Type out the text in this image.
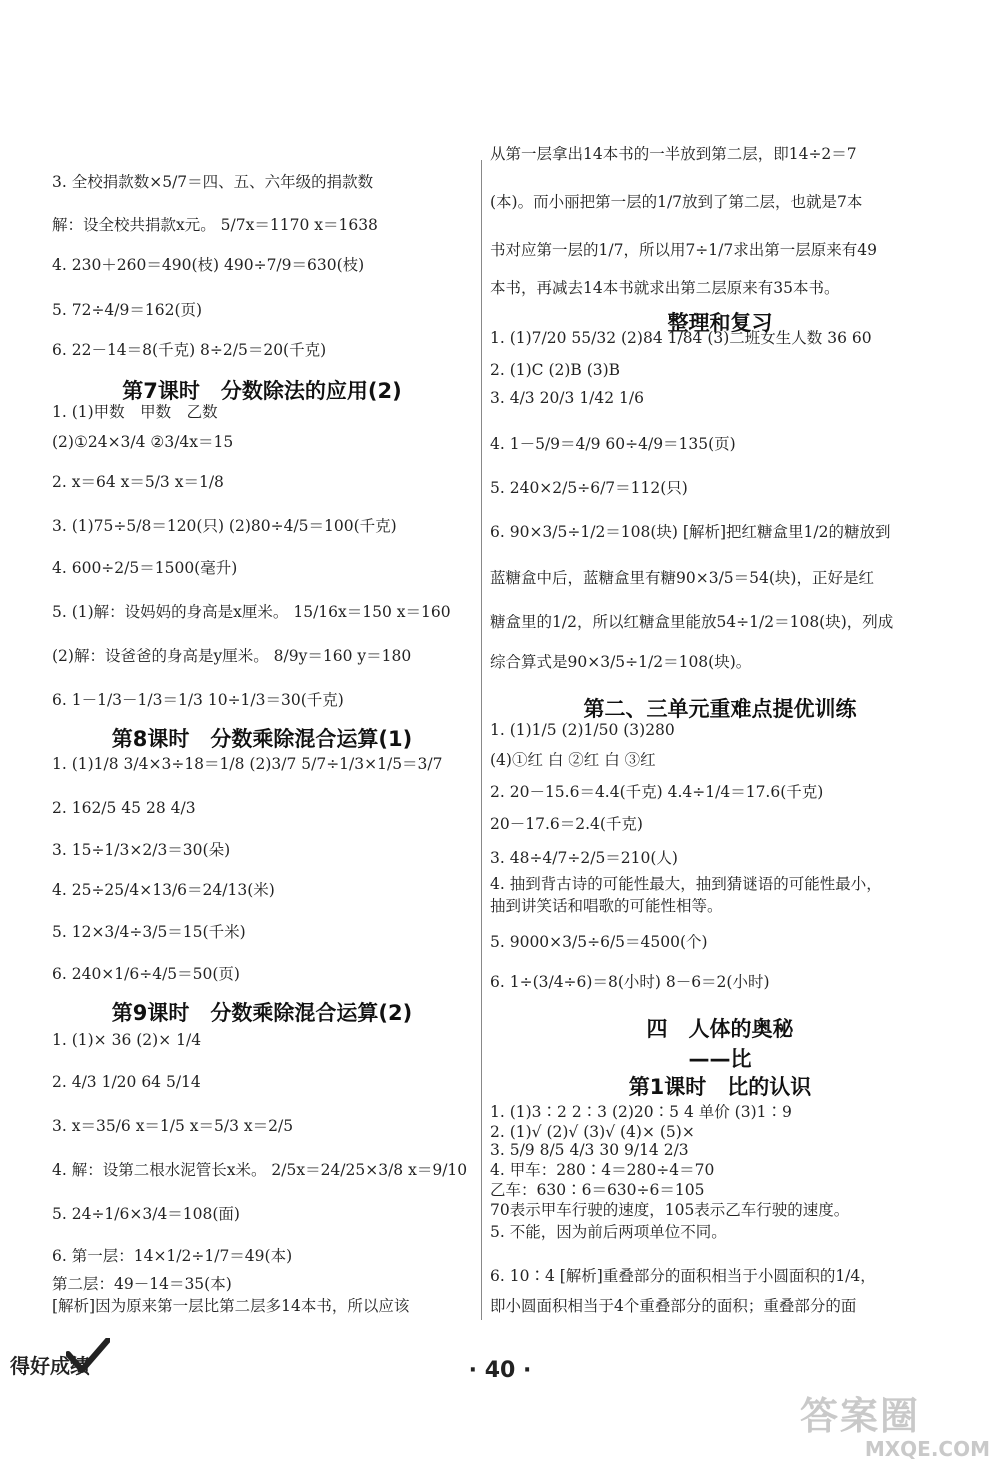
3. 全校捐款数×5/7＝四、五、六年级的捐款数
解：设全校共捐款x元。 5/7x＝1170 x＝1638
4. 230＋260＝490(枝) 490÷7/9＝630(枝)
5. 72÷4/9＝162(页)
6. 22－14＝8(千克) 8÷2/5＝20(千克)
第7课时　分数除法的应用(2)
1. (1)甲数　甲数　乙数
(2)①24×3/4 ②3/4x＝15
2. x＝64 x＝5/3 x＝1/8
3. (1)75÷5/8＝120(只) (2)80÷4/5＝100(千克)
4. 600÷2/5＝1500(毫升)
5. (1)解：设妈妈的身高是x厘米。 15/16x＝150 x＝160
(2)解：设爸爸的身高是y厘米。 8/9y＝160 y＝180
6. 1－1/3－1/3＝1/3 10÷1/3＝30(千克)
第8课时　分数乘除混合运算(1)
1. (1)1/8 3/4×3÷18＝1/8 (2)3/7 5/7÷1/3×1/5＝3/7
2. 162/5 45 28 4/3
3. 15÷1/3×2/3＝30(朵)
4. 25÷25/4×13/6＝24/13(米)
5. 12×3/4÷3/5＝15(千米)
6. 240×1/6÷4/5＝50(页)
第9课时　分数乘除混合运算(2)
1. (1)× 36 (2)× 1/4
2. 4/3 1/20 64 5/14
3. x＝35/6 x＝1/5 x＝5/3 x＝2/5
4. 解：设第二根水泥管长x米。 2/5x＝24/25×3/8 x＝9/10
5. 24÷1/6×3/4＝108(面)
6. 第一层：14×1/2÷1/7＝49(本)
第二层：49－14＝35(本)
[解析]因为原来第一层比第二层多14本书，所以应该
从第一层拿出14本书的一半放到第二层，即14÷2＝7
(本)。而小丽把第一层的1/7放到了第二层，也就是7本
书对应第一层的1/7，所以用7÷1/7求出第一层原来有49
本书，再减去14本书就求出第二层原来有35本书。
整理和复习
1. (1)7/20 55/32 (2)84 1/84 (3)二班女生人数 36 60
2. (1)C (2)B (3)B
3. 4/3 20/3 1/42 1/6
4. 1－5/9＝4/9 60÷4/9＝135(页)
5. 240×2/5÷6/7＝112(只)
6. 90×3/5÷1/2＝108(块) [解析]把红糖盒里1/2的糖放到
蓝糖盒中后，蓝糖盒里有糖90×3/5＝54(块)，正好是红
糖盒里的1/2，所以红糖盒里能放54÷1/2＝108(块)，列成
综合算式是90×3/5÷1/2＝108(块)。
第二、三单元重难点提优训练
1. (1)1/5 (2)1/50 (3)280
(4)①红 白 ②红 白 ③红
2. 20－15.6＝4.4(千克) 4.4÷1/4＝17.6(千克)
20－17.6＝2.4(千克)
3. 48÷4/7÷2/5＝210(人)
4. 抽到背古诗的可能性最大，抽到猜谜语的可能性最小，
抽到讲笑话和唱歌的可能性相等。
5. 9000×3/5÷6/5＝4500(个)
6. 1÷(3/4÷6)＝8(小时) 8－6＝2(小时)
四　人体的奥秘
——比
第1课时　比的认识
1. (1)3∶2 2∶3 (2)20∶5 4 单价 (3)1∶9
2. (1)√ (2)√ (3)√ (4)× (5)×
3. 5/9 8/5 4/3 30 9/14 2/3
4. 甲车：280∶4＝280÷4＝70
乙车：630∶6＝630÷6＝105
70表示甲车行驶的速度，105表示乙车行驶的速度。
5. 不能，因为前后两项单位不同。
6. 10∶4 [解析]重叠部分的面积相当于小圆面积的1/4，
即小圆面积相当于4个重叠部分的面积；重叠部分的面
得好成绩	· 40 ·
答案圈
MXQE.COM
